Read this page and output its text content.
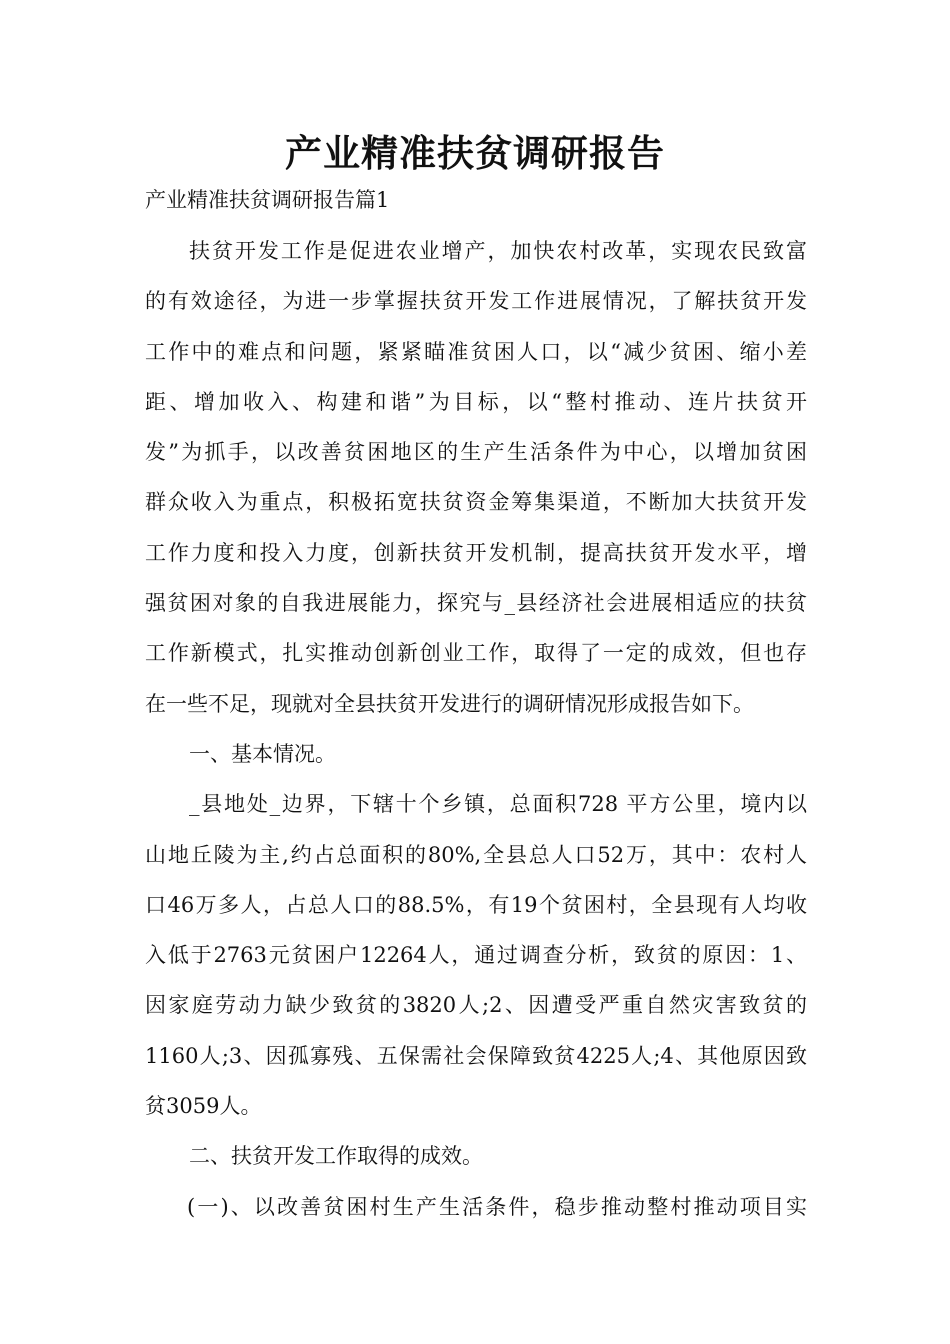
产业精准扶贫调研报告

产业精准扶贫调研报告篇1

扶贫开发工作是促进农业增产，加快农村改革，实现农民致富

的有效途径，为进一步掌握扶贫开发工作进展情况，了解扶贫开发

工作中的难点和问题，紧紧瞄准贫困人口，以“减少贫困、缩小差

距、增加收入、构建和谐”为目标，以“整村推动、连片扶贫开

发”为抓手，以改善贫困地区的生产生活条件为中心，以增加贫困

群众收入为重点，积极拓宽扶贫资金筹集渠道，不断加大扶贫开发

工作力度和投入力度，创新扶贫开发机制，提高扶贫开发水平，增

强贫困对象的自我进展能力，探究与_县经济社会进展相适应的扶贫

工作新模式，扎实推动创新创业工作，取得了一定的成效，但也存

在一些不足，现就对全县扶贫开发进行的调研情况形成报告如下。

一、基本情况。

_县地处_边界，下辖十个乡镇，总面积728 平方公里，境内以

山地丘陵为主,约占总面积的80%,全县总人口52万，其中：农村人

口46万多人，占总人口的88.5%，有19个贫困村，全县现有人均收

入低于2763元贫困户12264人，通过调查分析，致贫的原因：1、

因家庭劳动力缺少致贫的3820人;2、因遭受严重自然灾害致贫的

1160人;3、因孤寡残、五保需社会保障致贫4225人;4、其他原因致

贫3059人。

二、扶贫开发工作取得的成效。

(一)、以改善贫困村生产生活条件，稳步推动整村推动项目实
